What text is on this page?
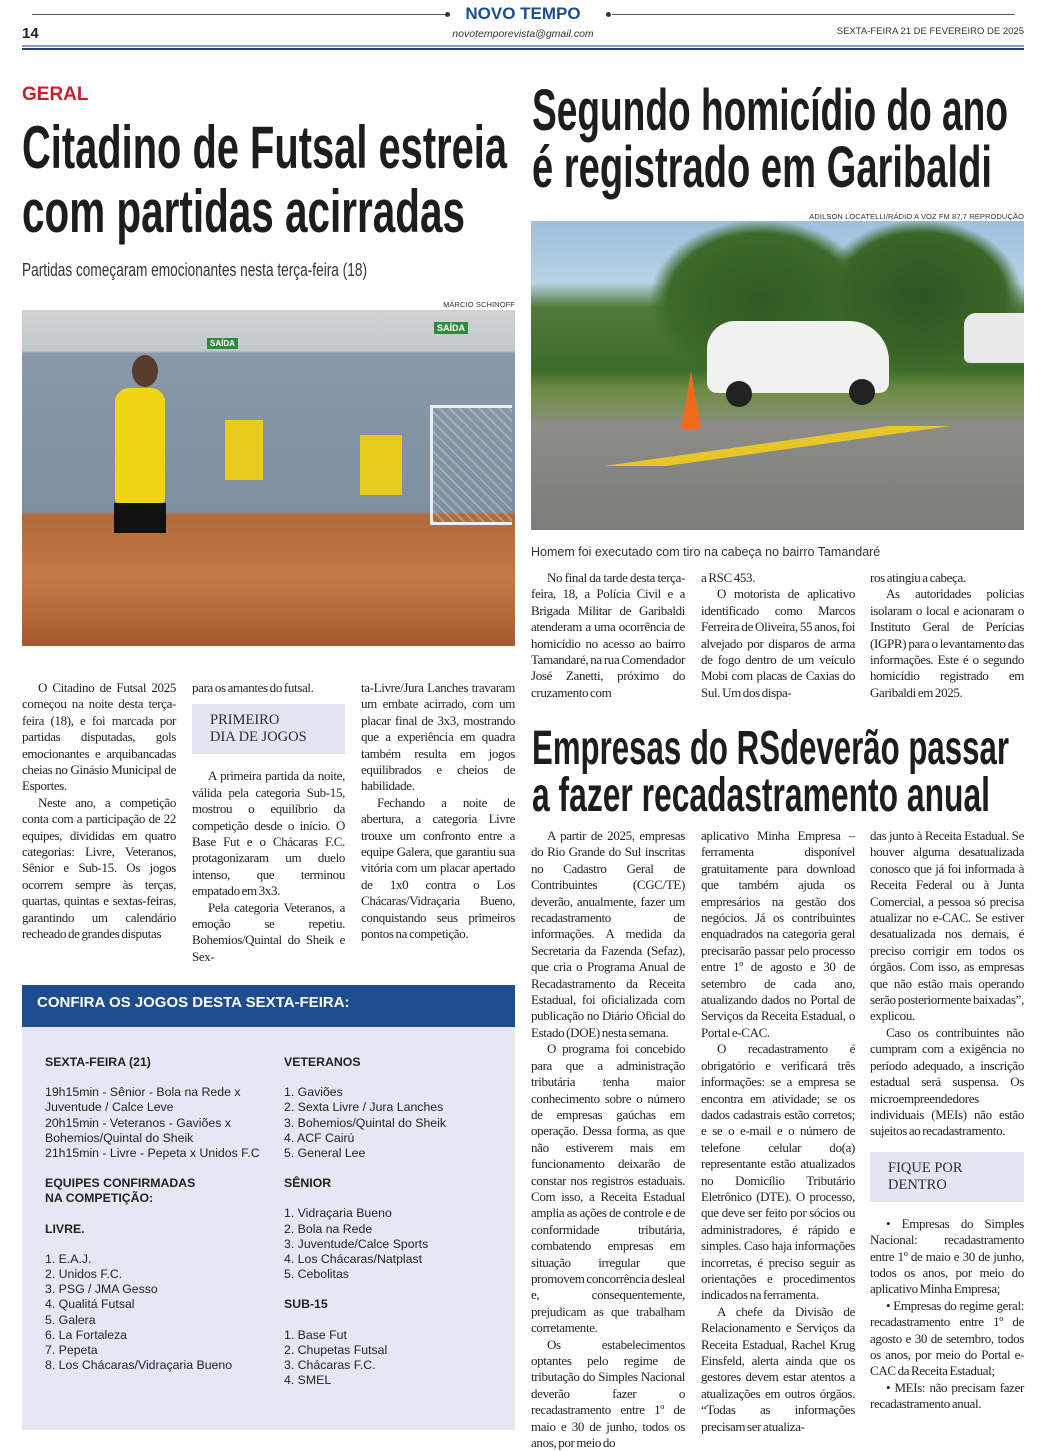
NOVO TEMPO
14	novotemporevista@gmail.com	SEXTA-FEIRA 21 DE FEVEREIRO DE 2025
GERAL
Citadino de Futsal estreia
com partidas acirradas
Partidas começaram emocionantes nesta terça-feira (18)
MÁRCIO SCHINOFF
SAÍDA
SAÍDA

O Citadino de Futsal 2025 começou na noite desta terça-feira (18), e foi marcada por partidas disputadas, gols emocionantes e arquibancadas cheias no Ginásio Municipal de Esportes.

Neste ano, a competição conta com a participação de 22 equipes, divididas em quatro categorias: Livre, Veteranos, Sênior e Sub-15. Os jogos ocorrem sempre às terças, quartas, quintas e sextas-feiras, garantindo um calendário recheado de grandes disputas

para os amantes do futsal.

PRIMEIRO
DIA DE JOGOS

A primeira partida da noite, válida pela categoria Sub-15, mostrou o equilíbrio da competição desde o início. O Base Fut e o Chácaras F.C. protagonizaram um duelo intenso, que terminou empatado em 3x3.

Pela categoria Veteranos, a emoção se repetiu. Bohemios/Quintal do Sheik e Sex-

ta-Livre/Jura Lanches travaram um embate acirrado, com um placar final de 3x3, mostrando que a experiência em quadra também resulta em jogos equilibrados e cheios de habilidade.

Fechando a noite de abertura, a categoria Livre trouxe um confronto entre a equipe Galera, que garantiu sua vitória com um placar apertado de 1x0 contra o Los Chácaras/Vidraçaria Bueno, conquistando seus primeiros pontos na competição.

CONFIRA OS JOGOS DESTA SEXTA-FEIRA:
SEXTA-FEIRA (21)
19h15min - Sênior - Bola na Rede x
Juventude / Calce Leve
20h15min - Veteranos - Gaviões x
Bohemios/Quintal do Sheik
21h15min - Livre - Pepeta x Unidos F.C
EQUIPES CONFIRMADAS
NA COMPETIÇÃO:
LIVRE.
1. E.A.J.
2. Unidos F.C.
3. PSG / JMA Gesso
4. Qualitá Futsal
5. Galera
6. La Fortaleza
7. Pepeta
8. Los Chácaras/Vidraçaria Bueno
VETERANOS
1. Gaviões
2. Sexta Livre / Jura Lanches
3. Bohemios/Quintal do Sheik
4. ACF Cairú
5. General Lee
SÊNIOR
1. Vidraçaria Bueno
2. Bola na Rede
3. Juventude/Calce Sports
4. Los Chácaras/Natplast
5. Cebolitas
SUB-15
1. Base Fut
2. Chupetas Futsal
3. Chácaras F.C.
4. SMEL
Segundo homicídio do ano
é registrado em Garibaldi
ADILSON LOCATELLI/RÁDIO A VOZ FM 87,7 REPRODUÇÃO
Homem foi executado com tiro na cabeça no bairro Tamandaré

No final da tarde desta terça-feira, 18, a Polícia Civil e a Brigada Militar de Garibaldi atenderam a uma ocorrência de homicídio no acesso ao bairro Tamandaré, na rua Comendador José Zanetti, próximo do cruzamento com

a RSC 453.

O motorista de aplicativo identificado como Marcos Ferreira de Oliveira, 55 anos, foi alvejado por disparos de arma de fogo dentro de um veículo Mobi com placas de Caxias do Sul. Um dos dispa-

ros atingiu a cabeça.

As autoridades policias isolaram o local e acionaram o Instituto Geral de Perícias (IGPR) para o levantamento das informações. Este é o segundo homicídio registrado em Garibaldi em 2025.

Empresas do RSdeverão passar
a fazer recadastramento anual

A partir de 2025, empresas do Rio Grande do Sul inscritas no Cadastro Geral de Contribuintes (CGC/TE) deverão, anualmente, fazer um recadastramento de informações. A medida da Secretaria da Fazenda (Sefaz), que cria o Programa Anual de Recadastramento da Receita Estadual, foi oficializada com publicação no Diário Oficial do Estado (DOE) nesta semana.

O programa foi concebido para que a administração tributária tenha maior conhecimento sobre o número de empresas gaúchas em operação. Dessa forma, as que não estiverem mais em funcionamento deixarão de constar nos registros estaduais. Com isso, a Receita Estadual amplia as ações de controle e de conformidade tributária, combatendo empresas em situação irregular que promovem concorrência desleal e, consequentemente, prejudicam as que trabalham corretamente.

Os estabelecimentos optantes pelo regime de tributação do Simples Nacional deverão fazer o recadastramento entre 1º de maio e 30 de junho, todos os anos, por meio do

aplicativo Minha Empresa – ferramenta disponível gratuitamente para download que também ajuda os empresários na gestão dos negócios. Já os contribuintes enquadrados na categoria geral precisarão passar pelo processo entre 1º de agosto e 30 de setembro de cada ano, atualizando dados no Portal de Serviços da Receita Estadual, o Portal e-CAC.

O recadastramento é obrigatório e verificará três informações: se a empresa se encontra em atividade; se os dados cadastrais estão corretos; e se o e-mail e o número de telefone celular do(a) representante estão atualizados no Domicílio Tributário Eletrônico (DTE). O processo, que deve ser feito por sócios ou administradores, é rápido e simples. Caso haja informações incorretas, é preciso seguir as orientações e procedimentos indicados na ferramenta.

A chefe da Divisão de Relacionamento e Serviços da Receita Estadual, Rachel Krug Einsfeld, alerta ainda que os gestores devem estar atentos a atualizações em outros órgãos. “Todas as informações precisam ser atualiza-

das junto à Receita Estadual. Se houver alguma desatualizada conosco que já foi informada à Receita Federal ou à Junta Comercial, a pessoa só precisa atualizar no e-CAC. Se estiver desatualizada nos demais, é preciso corrigir em todos os órgãos. Com isso, as empresas que não estão mais operando serão posteriormente baixadas”, explicou.

Caso os contribuintes não cumpram com a exigência no período adequado, a inscrição estadual será suspensa. Os microempreendedores individuais (MEIs) não estão sujeitos ao recadastramento.

FIQUE POR
DENTRO

• Empresas do Simples Nacional: recadastramento entre 1º de maio e 30 de junho, todos os anos, por meio do aplicativo Minha Empresa;

• Empresas do regime geral: recadastramento entre 1º de agosto e 30 de setembro, todos os anos, por meio do Portal e-CAC da Receita Estadual;

• MEIs: não precisam fazer recadastramento anual.
